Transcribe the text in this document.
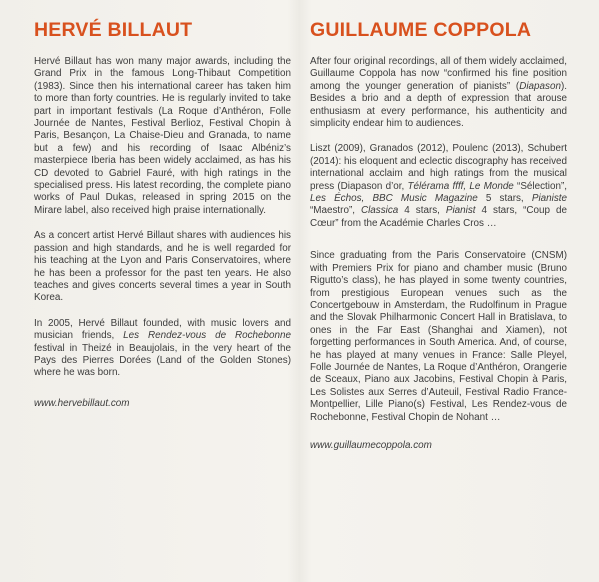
HERVÉ BILLAUT

Hervé Billaut has won many major awards, including the Grand Prix in the famous Long-Thibaut Competition (1983). Since then his international career has taken him to more than forty countries. He is regularly invited to take part in important festivals (La Roque d’Anthéron, Folle Journée de Nantes, Festival Berlioz, Festival Chopin à Paris, Besançon, La Chaise-Dieu and Granada, to name but a few) and his recording of Isaac Albéniz’s masterpiece Iberia has been widely acclaimed, as has his CD devoted to Gabriel Fauré, with high ratings in the specialised press. His latest recording, the complete piano works of Paul Dukas, released in spring 2015 on the Mirare label, also received high praise internationally.

As a concert artist Hervé Billaut shares with audiences his passion and high standards, and he is well regarded for his teaching at the Lyon and Paris Conservatoires, where he has been a professor for the past ten years. He also teaches and gives concerts several times a year in South Korea.

In 2005, Hervé Billaut founded, with music lovers and musician friends, Les Rendez-vous de Rochebonne festival in Theizé in Beaujolais, in the very heart of the Pays des Pierres Dorées (Land of the Golden Stones) where he was born.

www.hervebillaut.com

GUILLAUME COPPOLA

After four original recordings, all of them widely acclaimed, Guillaume Coppola has now “confirmed his fine position among the younger generation of pianists” (Diapason). Besides a brio and a depth of expression that arouse enthusiasm at every performance, his authenticity and simplicity endear him to audiences.

Liszt (2009), Granados (2012), Poulenc (2013), Schubert (2014): his eloquent and eclectic discography has received international acclaim and high ratings from the musical press (Diapason d’or, Télérama ffff, Le Monde “Sélection”, Les Échos, BBC Music Magazine 5 stars, Pianiste “Maestro”, Classica 4 stars, Pianist 4 stars, “Coup de Cœur” from the Académie Charles Cros …

Since graduating from the Paris Conservatoire (CNSM) with Premiers Prix for piano and chamber music (Bruno Rigutto’s class), he has played in some twenty countries, from prestigious European venues such as the Concertgebouw in Amsterdam, the Rudolfinum in Prague and the Slovak Philharmonic Concert Hall in Bratislava, to ones in the Far East (Shanghai and Xiamen), not forgetting performances in South America. And, of course, he has played at many venues in France: Salle Pleyel, Folle Journée de Nantes, La Roque d’Anthéron, Orangerie de Sceaux, Piano aux Jacobins, Festival Chopin à Paris, Les Solistes aux Serres d’Auteuil, Festival Radio France-Montpellier, Lille Piano(s) Festival, Les Rendez-vous de Rochebonne, Festival Chopin de Nohant …

www.guillaumecoppola.com
